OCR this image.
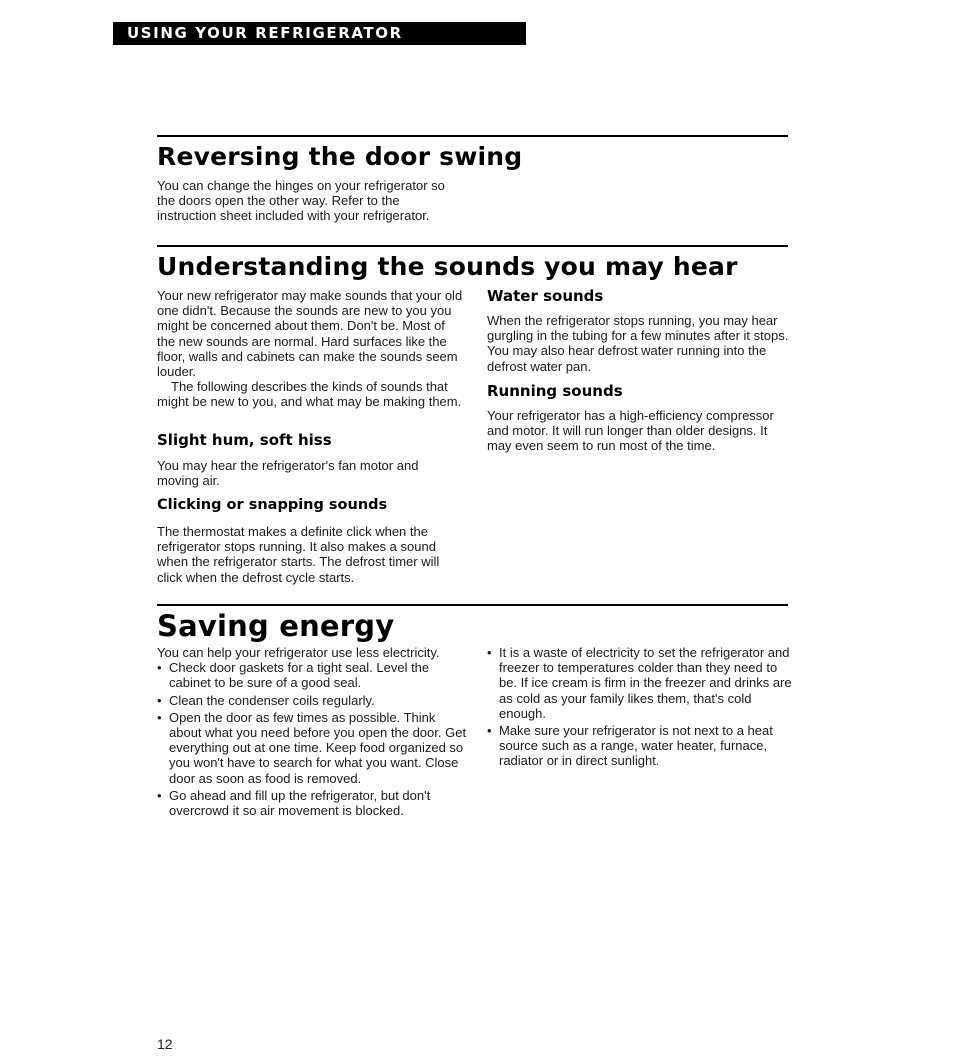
USING YOUR REFRIGERATOR
Reversing the door swing

You can change the hinges on your refrigerator so the doors open the other way. Refer to the instruction sheet included with your refrigerator.

Understanding the sounds you may hear

Your new refrigerator may make sounds that your old one didn't. Because the sounds are new to you you might be concerned about them. Don't be. Most of the new sounds are normal. Hard surfaces like the floor, walls and cabinets can make the sounds seem louder.

The following describes the kinds of sounds that might be new to you, and what may be making them.

Slight hum, soft hiss

You may hear the refrigerator's fan motor and moving air.

Clicking or snapping sounds

The thermostat makes a definite click when the refrigerator stops running. It also makes a sound when the refrigerator starts. The defrost timer will click when the defrost cycle starts.

Water sounds

When the refrigerator stops running, you may hear gurgling in the tubing for a few minutes after it stops. You may also hear defrost water running into the defrost water pan.

Running sounds

Your refrigerator has a high-efficiency compressor and motor. It will run longer than older designs. It may even seem to run most of the time.

Saving energy

You can help your refrigerator use less electricity.

• Check door gaskets for a tight seal. Level the cabinet to be sure of a good seal.
• Clean the condenser coils regularly.
• Open the door as few times as possible. Think about what you need before you open the door. Get everything out at one time. Keep food organized so you won't have to search for what you want. Close door as soon as food is removed.
• Go ahead and fill up the refrigerator, but don't overcrowd it so air movement is blocked.
• It is a waste of electricity to set the refrigerator and freezer to temperatures colder than they need to be. If ice cream is firm in the freezer and drinks are as cold as your family likes them, that's cold enough.
• Make sure your refrigerator is not next to a heat source such as a range, water heater, furnace, radiator or in direct sunlight.
12
